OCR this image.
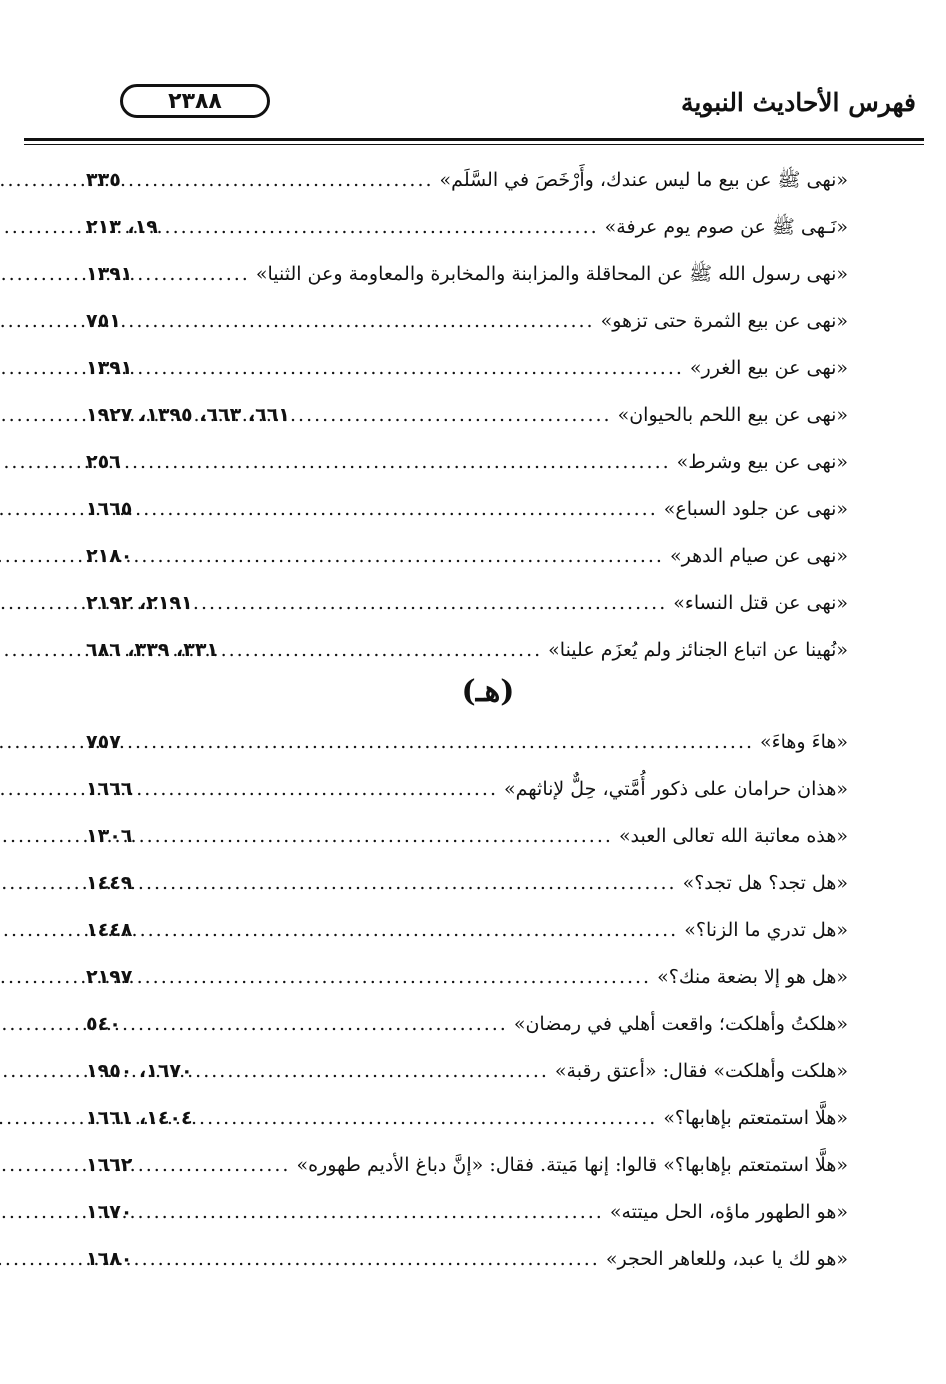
فهرس الأحاديث النبوية
٢٣٨٨
«نهى ﷺ عن بيع ما ليس عندك، وأَرْخَصَ في السَّلَم»
.....
٣٣٥
«نَـهى ﷺ عن صوم يوم عرفة»
.....
١٩، ٢١٣
«نهى رسول الله ﷺ عن المحاقلة والمزابنة والمخابرة والمعاومة وعن الثنيا»
.....
١٣٩١
«نهى عن بيع الثمرة حتى تزهو»
.....
٧٥١
«نهى عن بيع الغرر»
.....
١٣٩١
«نهى عن بيع اللحم بالحيوان»
.....
٦٦١، ٦٦٣، ١٣٩٥، ١٩٢٧
«نهى عن بيع وشرط»
.....
٢٥٦
«نهى عن جلود السباع»
.....
١٦٦٥
«نهى عن صيام الدهر»
.....
٢١٨٠
«نهى عن قتل النساء»
.....
٢١٩١، ٢١٩٢
«نُهينا عن اتباع الجنائز ولم يُعزَم علينا»
.....
٣٣١، ٣٣٩، ٦٨٦
(هـ)
«هاءَ وهاءَ»
.....
٧٥٧
«هذان حرامان على ذكور أُمَّتي، حِلٌّ لإناثهم»
.....
١٦٦٦
«هذه معاتبة الله تعالى العبد»
.....
١٣٠٦
«هل تجد؟ هل تجد؟»
.....
١٤٤٩
«هل تدري ما الزنا؟»
.....
١٤٤٨
«هل هو إلا بضعة منك؟»
.....
٢١٩٧
«هلكتُ وأهلكت؛ واقعت أهلي في رمضان»
.....
٥٤٠
«هلكت وأهلكت» فقال: «أعتق رقبة»
.....
١٦٧٠، ١٩٥٠
«هلَّا استمتعتم بإهابها؟»
.....
١٤٠٤، ١٦٦١
«هلَّا استمتعتم بإهابها؟» قالوا: إنها مَيتة. فقال: «إنَّ دباغ الأديم طهوره»
.....
١٦٦٢
«هو الطهور ماؤه، الحل ميتته»
.....
١٦٧٠
«هو لك يا عبد، وللعاهر الحجر»
.....
١٦٨٠
